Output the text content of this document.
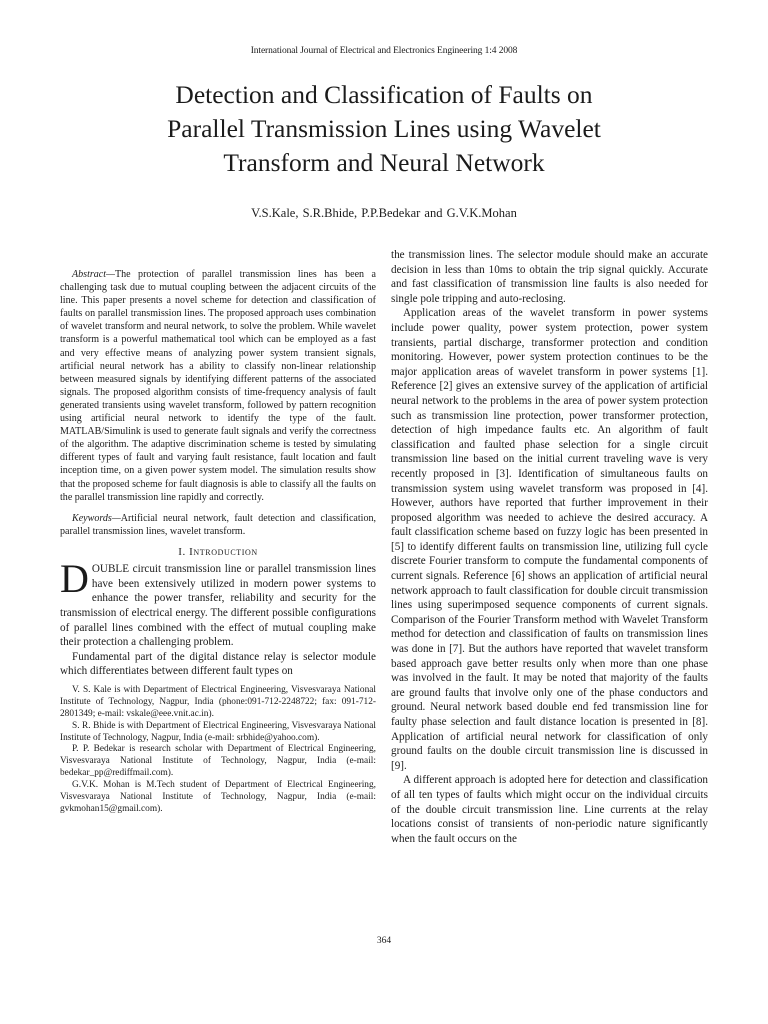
International Journal of Electrical and Electronics Engineering 1:4 2008
Detection and Classification of Faults on
Parallel Transmission Lines using Wavelet
Transform and Neural Network
V.S.Kale, S.R.Bhide, P.P.Bedekar and G.V.K.Mohan

Abstract—The protection of parallel transmission lines has been a challenging task due to mutual coupling between the adjacent circuits of the line. This paper presents a novel scheme for detection and classification of faults on parallel transmission lines. The proposed approach uses combination of wavelet transform and neural network, to solve the problem. While wavelet transform is a powerful mathematical tool which can be employed as a fast and very effective means of analyzing power system transient signals, artificial neural network has a ability to classify non-linear relationship between measured signals by identifying different patterns of the associated signals. The proposed algorithm consists of time-frequency analysis of fault generated transients using wavelet transform, followed by pattern recognition using artificial neural network to identify the type of the fault. MATLAB/Simulink is used to generate fault signals and verify the correctness of the algorithm. The adaptive discrimination scheme is tested by simulating different types of fault and varying fault resistance, fault location and fault inception time, on a given power system model. The simulation results show that the proposed scheme for fault diagnosis is able to classify all the faults on the parallel transmission line rapidly and correctly.

Keywords—Artificial neural network, fault detection and classification, parallel transmission lines, wavelet transform.

I. Introduction

DOUBLE circuit transmission line or parallel transmission lines have been extensively utilized in modern power systems to enhance the power transfer, reliability and security for the transmission of electrical energy. The different possible configurations of parallel lines combined with the effect of mutual coupling make their protection a challenging problem.

Fundamental part of the digital distance relay is selector module which differentiates between different fault types on

V. S. Kale is with Department of Electrical Engineering, Visvesvaraya National Institute of Technology, Nagpur, India (phone:091-712-2248722; fax: 091-712-2801349; e-mail: vskale@eee.vnit.ac.in).

S. R. Bhide is with Department of Electrical Engineering, Visvesvaraya National Institute of Technology, Nagpur, India (e-mail: srbhide@yahoo.com).

P. P. Bedekar is research scholar with Department of Electrical Engineering, Visvesvaraya National Institute of Technology, Nagpur, India (e-mail: bedekar_pp@rediffmail.com).

G.V.K. Mohan is M.Tech student of Department of Electrical Engineering, Visvesvaraya National Institute of Technology, Nagpur, India (e-mail: gvkmohan15@gmail.com).

the transmission lines. The selector module should make an accurate decision in less than 10ms to obtain the trip signal quickly. Accurate and fast classification of transmission line faults is also needed for single pole tripping and auto-reclosing.

Application areas of the wavelet transform in power systems include power quality, power system protection, power system transients, partial discharge, transformer protection and condition monitoring. However, power system protection continues to be the major application areas of wavelet transform in power systems [1]. Reference [2] gives an extensive survey of the application of artificial neural network to the problems in the area of power system protection such as transmission line protection, power transformer protection, detection of high impedance faults etc. An algorithm of fault classification and faulted phase selection for a single circuit transmission line based on the initial current traveling wave is very recently proposed in [3]. Identification of simultaneous faults on transmission system using wavelet transform was proposed in [4]. However, authors have reported that further improvement in their proposed algorithm was needed to achieve the desired accuracy. A fault classification scheme based on fuzzy logic has been presented in [5] to identify different faults on transmission line, utilizing full cycle discrete Fourier transform to compute the fundamental components of current signals. Reference [6] shows an application of artificial neural network approach to fault classification for double circuit transmission lines using superimposed sequence components of current signals. Comparison of the Fourier Transform method with Wavelet Transform method for detection and classification of faults on transmission lines was done in [7]. But the authors have reported that wavelet transform based approach gave better results only when more than one phase was involved in the fault. It may be noted that majority of the faults are ground faults that involve only one of the phase conductors and ground. Neural network based double end fed transmission line for faulty phase selection and fault distance location is presented in [8]. Application of artificial neural network for classification of only ground faults on the double circuit transmission line is discussed in [9].

A different approach is adopted here for detection and classification of all ten types of faults which might occur on the individual circuits of the double circuit transmission line. Line currents at the relay locations consist of transients of non-periodic nature significantly when the fault occurs on the

364
